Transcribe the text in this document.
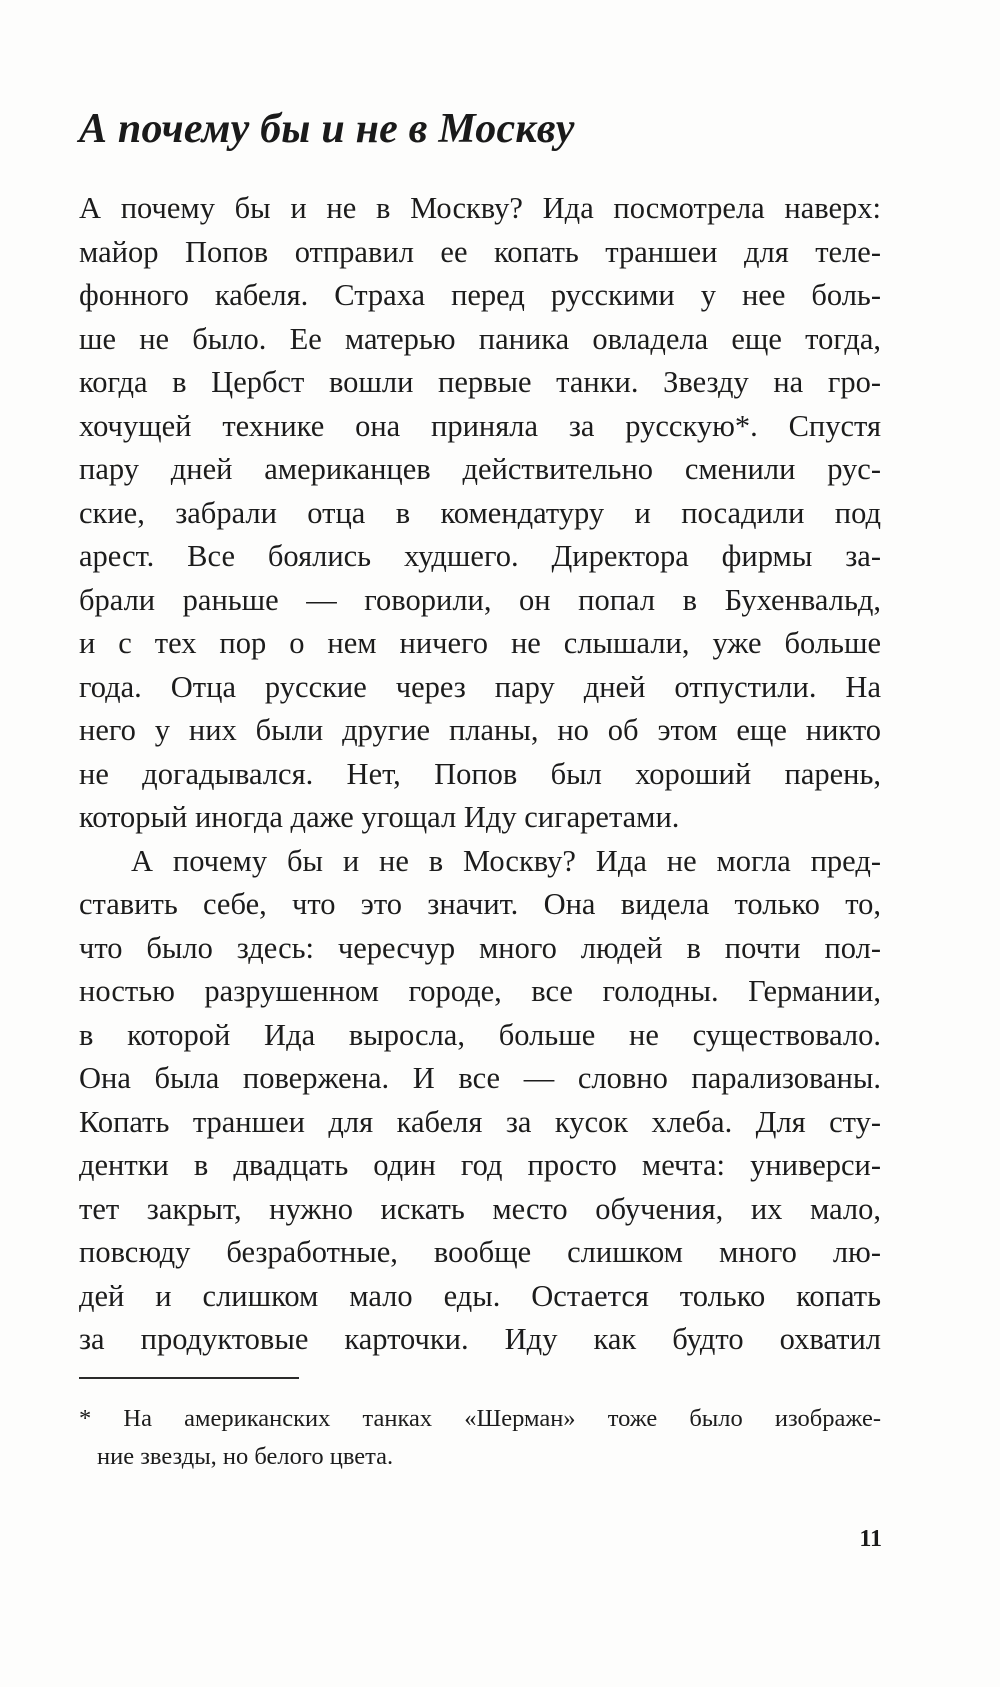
А почему бы и не в Москву
А почему бы и не в Москву? Ида посмотрела наверх:
майор Попов отправил ее копать траншеи для теле-
фонного кабеля. Страха перед русскими у нее боль-
ше не было. Ее матерью паника овладела еще тогда,
когда в Цербст вошли первые танки. Звезду на гро-
хочущей технике она приняла за русскую*. Спустя
пару дней американцев действительно сменили рус-
ские, забрали отца в комендатуру и посадили под
арест. Все боялись худшего. Директора фирмы за-
брали раньше — говорили, он попал в Бухенвальд,
и с тех пор о нем ничего не слышали, уже больше
года. Отца русские через пару дней отпустили. На
него у них были другие планы, но об этом еще никто
не догадывался. Нет, Попов был хороший парень,
который иногда даже угощал Иду сигаретами.
А почему бы и не в Москву? Ида не могла пред-
ставить себе, что это значит. Она видела только то,
что было здесь: чересчур много людей в почти пол-
ностью разрушенном городе, все голодны. Германии,
в которой Ида выросла, больше не существовало.
Она была повержена. И все — словно парализованы.
Копать траншеи для кабеля за кусок хлеба. Для сту-
дентки в двадцать один год просто мечта: универси-
тет закрыт, нужно искать место обучения, их мало,
повсюду безработные, вообще слишком много лю-
дей и слишком мало еды. Остается только копать
за продуктовые карточки. Иду как будто охватил
* На американских танках «Шерман» тоже было изображе-
ние звезды, но белого цвета.
11
